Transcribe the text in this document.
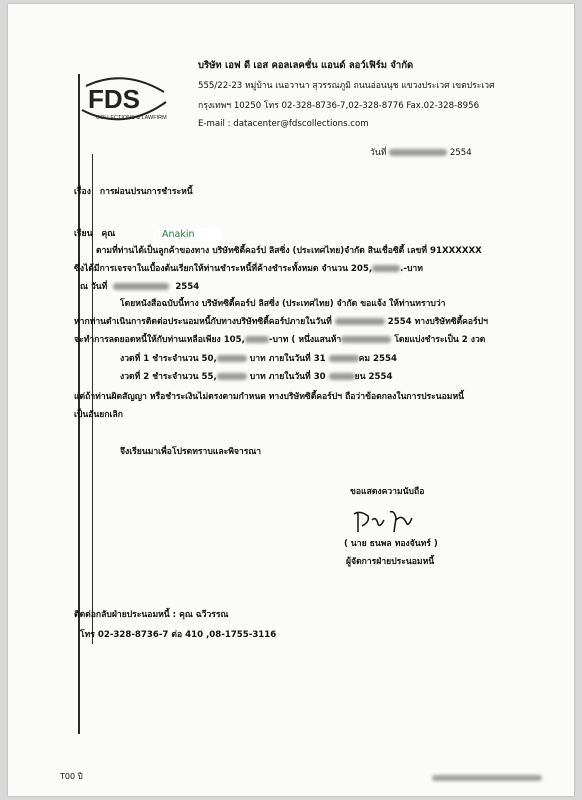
FDS
COLLECTIONS & LAWFIRM
บริษัท เอฟ ดี เอส คอลเลคชั่น แอนด์ ลอว์เฟิร์ม จำกัด
555/22-23 หมู่บ้าน เนอวานา สุวรรณภูมิ ถนนอ่อนนุช แขวงประเวศ เขตประเวศ
กรุงเทพฯ 10250 โทร 02-328-8736-7,02-328-8776 Fax.02-328-8956
E-mail : datacenter@fdscollections.com
วันที่	2554
เรื่อง การผ่อนปรนการชำระหนี้
เรียน คุณ	Anakin
ตามที่ท่านได้เป็นลูกค้าของทาง บริษัทซิตี้คอร์ป ลิสซิ่ง (ประเทศไทย)จำกัด สินเชื่อซิตี้ เลขที่ 91XXXXXX
ซึ่งได้มีการเจรจาในเบื้องต้นเรียกให้ท่านชำระหนี้ที่ค้างชำระทั้งหมด จำนวน 205,	.-บาท
ณ วันที่	2554
โดยหนังสือฉบับนี้ทาง บริษัทซิตี้คอร์ป ลิสซิ่ง (ประเทศไทย) จำกัด ขอแจ้ง ให้ท่านทราบว่า
หากท่านดำเนินการติดต่อประนอมหนี้กับทางบริษัทซิตี้คอร์ปภายในวันที่	2554 ทางบริษัทซิตี้คอร์ปฯ
จะทำการลดยอดหนี้ให้กับท่านเหลือเพียง 105,	-บาท ( หนึ่งแสนห้า	โดยแบ่งชำระเป็น 2 งวด
งวดที่ 1 ชำระจำนวน 50,	บาท ภายในวันที่ 31	คม 2554
งวดที่ 2 ชำระจำนวน 55,	บาท ภายในวันที่ 30	ยน 2554
แต่ถ้าท่านผิดสัญญา หรือชำระเงินไม่ตรงตามกำหนด ทางบริษัทซิตี้คอร์ปฯ ถือว่าข้อตกลงในการประนอมหนี้
เป็นอันยกเลิก
จึงเรียนมาเพื่อโปรดทราบและพิจารณา
ขอแสดงความนับถือ
( นาย ธนพล ทองจันทร์ )
ผู้จัดการฝ่ายประนอมหนี้
ติดต่อกลับฝ่ายประนอมหนี้ : คุณ ฉวีวรรณ
โทร 02-328-8736-7 ต่อ 410 ,08-1755-3116
T00 ปี
